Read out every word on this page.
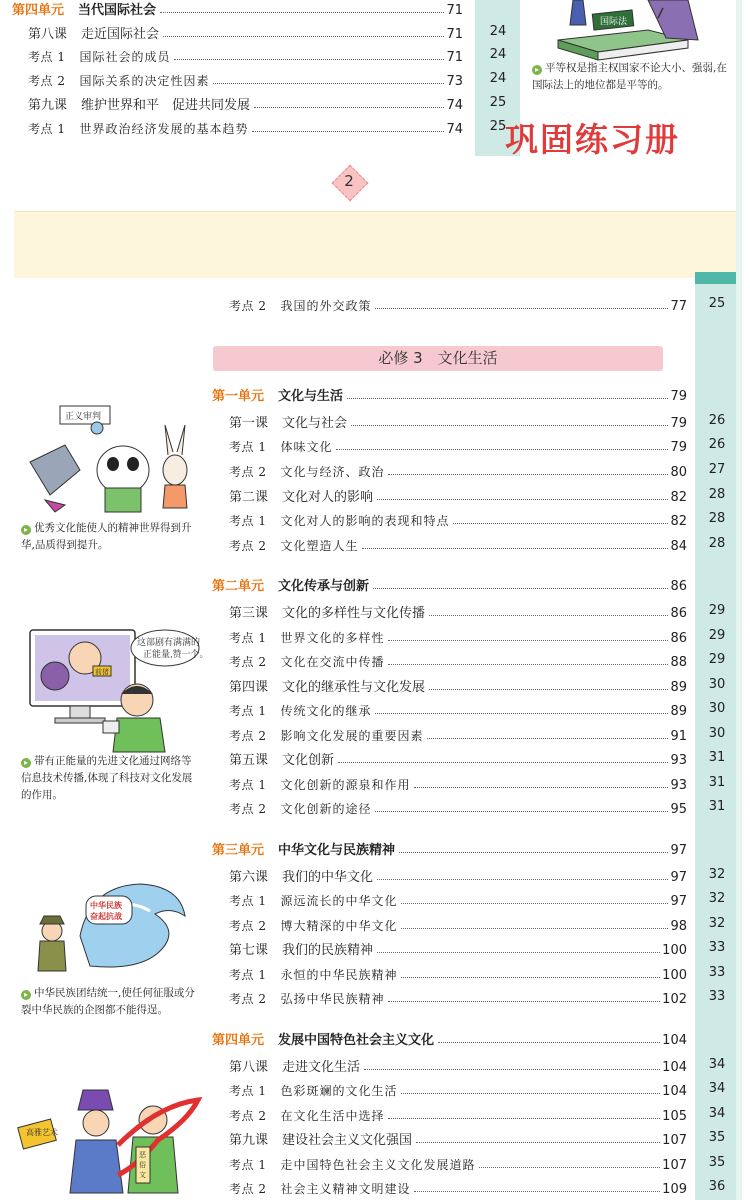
第四单元 当代国际社会	71
第八课 走近国际社会	71	24
考点 1 国际社会的成员	71	24
考点 2 国际关系的决定性因素	73	24
第九课 维护世界和平　促进共同发展	74	25
考点 1 世界政治经济发展的基本趋势	74	25
国际法
▸ 平等权是指主权国家不论大小、强弱,在国际法上的地位都是平等的。
巩固练习册
2
考点 2 我国的外交政策	77	25
必修 3　文化生活
第一单元 文化与生活	79
第一课 文化与社会	79	26
考点 1 体味文化	79	26
考点 2 文化与经济、政治	80	27
第二课 文化对人的影响	82	28
考点 1 文化对人的影响的表现和特点	82	28
考点 2 文化塑造人生	84	28
第二单元 文化传承与创新	86
第三课 文化的多样性与文化传播	86	29
考点 1 世界文化的多样性	86	29
考点 2 文化在交流中传播	88	29
第四课 文化的继承性与文化发展	89	30
考点 1 传统文化的继承	89	30
考点 2 影响文化发展的重要因素	91	30
第五课 文化创新	93	31
考点 1 文化创新的源泉和作用	93	31
考点 2 文化创新的途径	95	31
第三单元 中华文化与民族精神	97
第六课 我们的中华文化	97	32
考点 1 源远流长的中华文化	97	32
考点 2 博大精深的中华文化	98	32
第七课 我们的民族精神	100	33
考点 1 永恒的中华民族精神	100	33
考点 2 弘扬中华民族精神	102	33
第四单元 发展中国特色社会主义文化	104
第八课 走进文化生活	104	34
考点 1 色彩斑斓的文化生活	104	34
考点 2 在文化生活中选择	105	34
第九课 建设社会主义文化强国	107	35
考点 1 走中国特色社会主义文化发展道路	107	35
考点 2 社会主义精神文明建设	109	36
正义审判
▸ 优秀文化能使人的精神世界得到升华,品质得到提升。
前猪
这部剧有满满的
正能量,赞一个。
▸ 带有正能量的先进文化通过网络等信息技术传播,体现了科技对文化发展的作用。
中华民族
奋起抗战
▸ 中华民族团结统一,使任何征服或分裂中华民族的企图都不能得逞。
高雅艺术
恶
俗
文
